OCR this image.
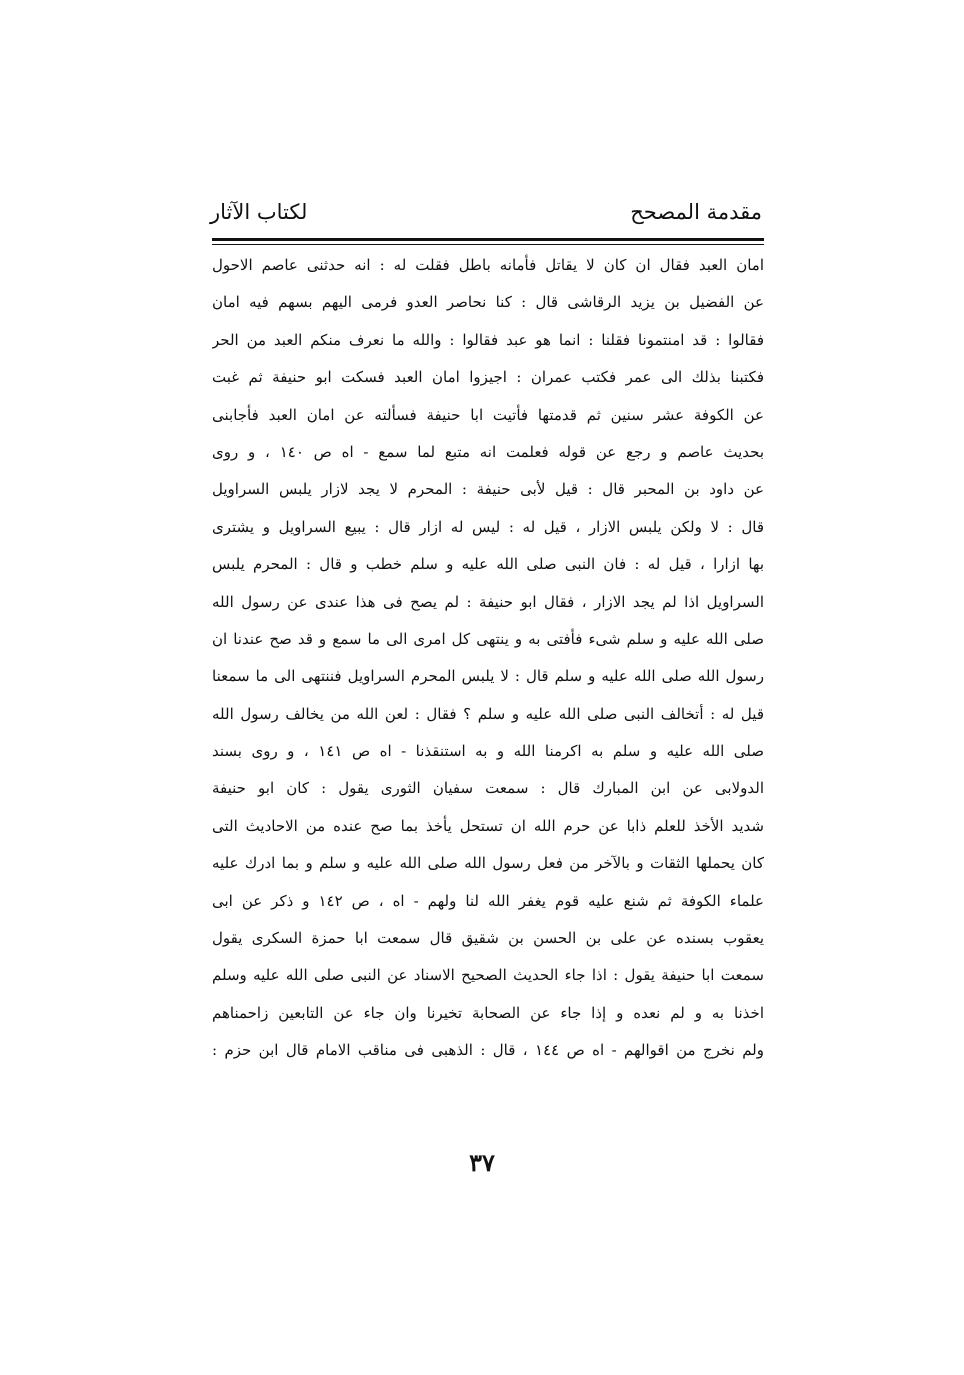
مقدمة المصحح
لكتاب الآثار
امان العبد فقال ان كان لا يقاتل فأمانه باطل فقلت له : انه حدثنى عاصم الاحول
عن الفضيل بن يزيد الرقاشى قال : كنا نحاصر العدو فرمى اليهم بسهم فيه امان
فقالوا : قد امنتمونا فقلنا : انما هو عبد فقالوا : والله ما نعرف منكم العبد من الحر
فكتبنا بذلك الى عمر فكتب عمران : اجيزوا امان العبد فسكت ابو حنيفة ثم غبت
عن الكوفة عشر سنين ثم قدمتها فأتيت ابا حنيفة فسألته عن امان العبد فأجابنى
بحديث عاصم و رجع عن قوله فعلمت انه متبع لما سمع - اه ص ١٤٠ ، و روى
عن داود بن المحبر قال : قيل لأبى حنيفة : المحرم لا يجد لازار يلبس السراويل
قال : لا ولكن يلبس الازار ، قيل له : ليس له ازار قال : يبيع السراويل و يشترى
بها ازارا ، قيل له : فان النبى صلى الله عليه و سلم خطب و قال : المحرم يلبس
السراويل اذا لم يجد الازار ، فقال ابو حنيفة : لم يصح فى هذا عندى عن رسول الله
صلى الله عليه و سلم شىء فأفتى به و ينتهى كل امرى الى ما سمع و قد صح عندنا ان
رسول الله صلى الله عليه و سلم قال : لا يلبس المحرم السراويل فننتهى الى ما سمعنا
قيل له : أتخالف النبى صلى الله عليه و سلم ؟ فقال : لعن الله من يخالف رسول الله
صلى الله عليه و سلم به اكرمنا الله و به استنقذنا - اه ص ١٤١ ، و روى بسند
الدولابى عن ابن المبارك قال : سمعت سفيان الثورى يقول : كان ابو حنيفة
شديد الأخذ للعلم ذابا عن حرم الله ان تستحل يأخذ بما صح عنده من الاحاديث التى
كان يحملها الثقات و بالآخر من فعل رسول الله صلى الله عليه و سلم و بما ادرك عليه
علماء الكوفة ثم شنع عليه قوم يغفر الله لنا ولهم - اه ، ص ١٤٢ و ذكر عن ابى
يعقوب بسنده عن على بن الحسن بن شقيق قال سمعت ابا حمزة السكرى يقول
سمعت ابا حنيفة يقول : اذا جاء الحديث الصحيح الاسناد عن النبى صلى الله عليه وسلم
اخذنا به و لم نعده و إذا جاء عن الصحابة تخيرنا وان جاء عن التابعين زاحمناهم
ولم نخرج من اقوالهم - اه ص ١٤٤ ، قال : الذهبى فى مناقب الامام قال ابن حزم :
٣٧
